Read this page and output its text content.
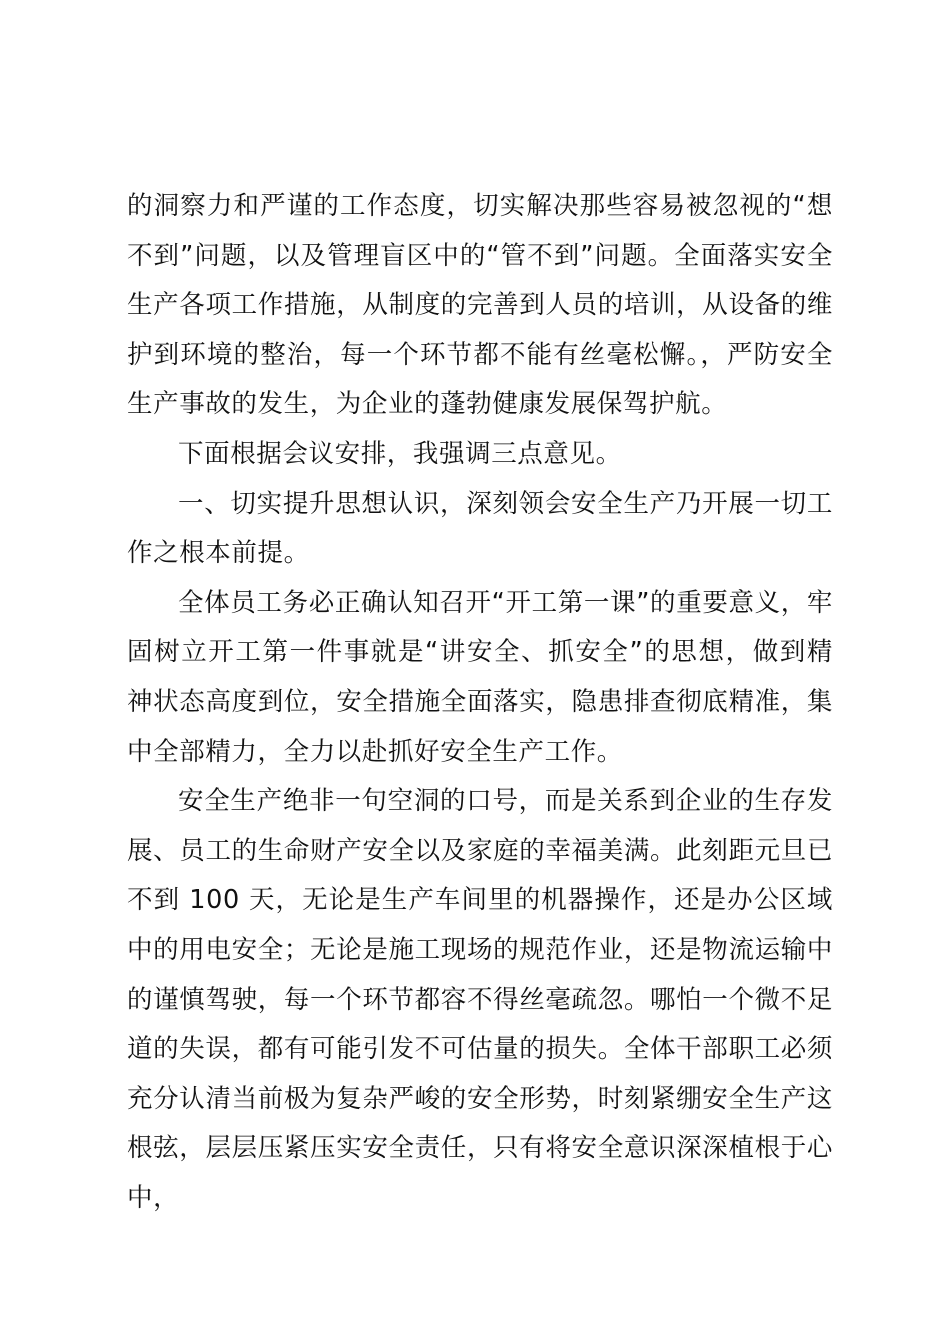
的洞察力和严谨的工作态度，切实解决那些容易被忽视的“想不到”问题，以及管理盲区中的“管不到”问题。全面落实安全生产各项工作措施，从制度的完善到人员的培训，从设备的维护到环境的整治，每一个环节都不能有丝毫松懈。，严防安全生产事故的发生，为企业的蓬勃健康发展保驾护航。

下面根据会议安排，我强调三点意见。

一、切实提升思想认识，深刻领会安全生产乃开展一切工作之根本前提。

全体员工务必正确认知召开“开工第一课”的重要意义，牢固树立开工第一件事就是“讲安全、抓安全”的思想，做到精神状态高度到位，安全措施全面落实，隐患排查彻底精准，集中全部精力，全力以赴抓好安全生产工作。

安全生产绝非一句空洞的口号，而是关系到企业的生存发展、员工的生命财产安全以及家庭的幸福美满。此刻距元旦已不到 100 天，无论是生产车间里的机器操作，还是办公区域中的用电安全；无论是施工现场的规范作业，还是物流运输中的谨慎驾驶，每一个环节都容不得丝毫疏忽。哪怕一个微不足道的失误，都有可能引发不可估量的损失。全体干部职工必须充分认清当前极为复杂严峻的安全形势，时刻紧绷安全生产这根弦，层层压紧压实安全责任，只有将安全意识深深植根于心中，
